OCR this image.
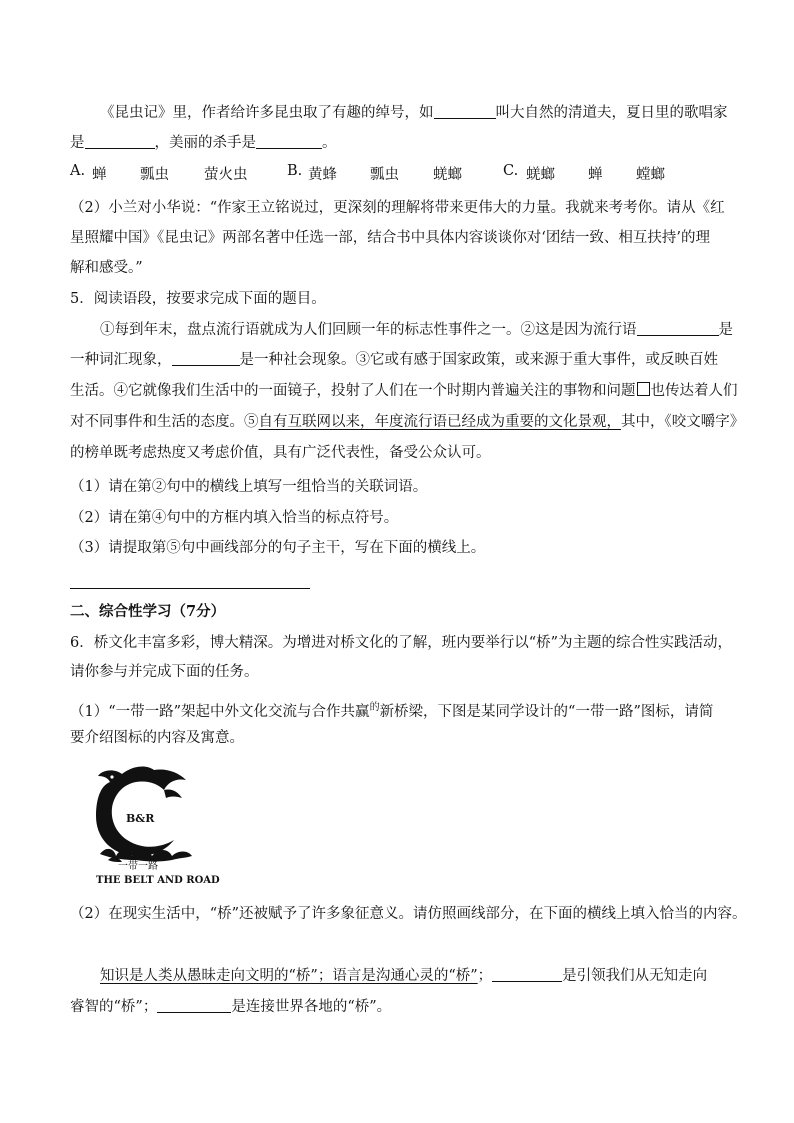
《昆虫记》里，作者给许多昆虫取了有趣的绰号，如	叫大自然的清道夫，夏日里的歌唱家
是	，美丽的杀手是	。
A. 蝉 瓢虫 萤火虫	B. 黄蜂 瓢虫 蜣螂	C. 蜣螂 蝉 螳螂
（2）小兰对小华说：“作家王立铭说过，更深刻的理解将带来更伟大的力量。我就来考考你。请从《红
星照耀中国》《昆虫记》两部名著中任选一部，结合书中具体内容谈谈你对‘团结一致、相互扶持’的理
解和感受。”
5．阅读语段，按要求完成下面的题目。
①每到年末，盘点流行语就成为人们回顾一年的标志性事件之一。②这是因为流行语	是
一种词汇现象，	是一种社会现象。③它或有感于国家政策，或来源于重大事件，或反映百姓
生活。④它就像我们生活中的一面镜子，投射了人们在一个时期内普遍关注的事物和问题 也传达着人们
对不同事件和生活的态度。⑤自有互联网以来，年度流行语已经成为重要的文化景观，其中，《咬文嚼字》
的榜单既考虑热度又考虑价值，具有广泛代表性，备受公众认可。
（1）请在第②句中的横线上填写一组恰当的关联词语。
（2）请在第④句中的方框内填入恰当的标点符号。
（3）请提取第⑤句中画线部分的句子主干，写在下面的横线上。
二、综合性学习（7分）
6．桥文化丰富多彩，博大精深。为增进对桥文化的了解，班内要举行以“桥”为主题的综合性实践活动，
请你参与并完成下面的任务。
（1）“一带一路”架起中外文化交流与合作共赢$^的$新桥梁，下图是某同学设计的“一带一路”图标，请简
要介绍图标的内容及寓意。
B&R
一带一路
THE BELT AND ROAD
（2）在现实生活中，“桥”还被赋予了许多象征意义。请仿照画线部分，在下面的横线上填入恰当的内容。
知识是人类从愚昧走向文明的“桥”；语言是沟通心灵的“桥”；	是引领我们从无知走向
睿智的“桥”；	是连接世界各地的“桥”。
